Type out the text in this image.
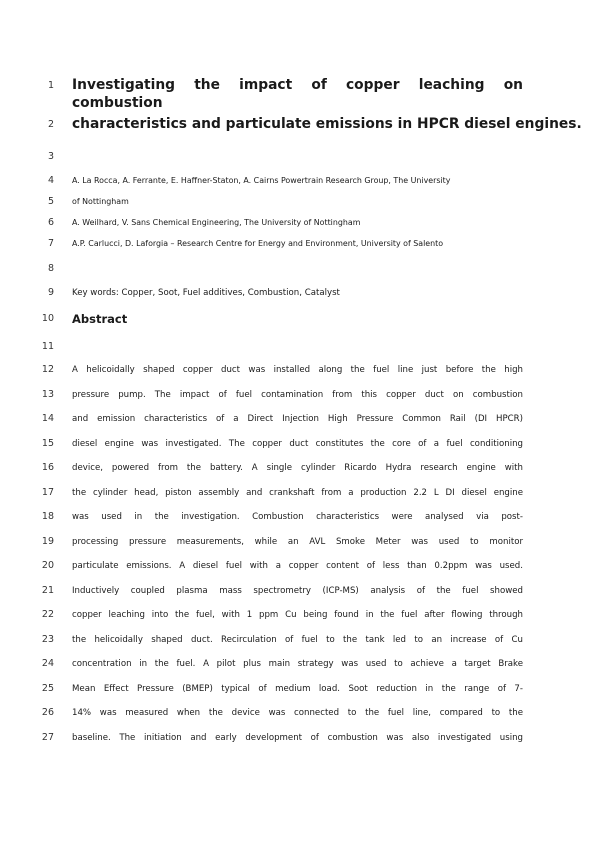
1 Investigating the impact of copper leaching on combustion
2 characteristics and particulate emissions in HPCR diesel engines.
3
4 A. La Rocca, A. Ferrante, E. Haffner-Staton, A. Cairns Powertrain Research Group, The University
5 of Nottingham
6 A. Weilhard, V. Sans Chemical Engineering, The University of Nottingham
7 A.P. Carlucci, D. Laforgia – Research Centre for Energy and Environment, University of Salento
8
9 Key words: Copper, Soot, Fuel additives, Combustion, Catalyst
10 Abstract
11
12 A helicoidally shaped copper duct was installed along the fuel line just before the high
13 pressure pump. The impact of fuel contamination from this copper duct on combustion
14 and emission characteristics of a Direct Injection High Pressure Common Rail (DI HPCR)
15 diesel engine was investigated. The copper duct constitutes the core of a fuel conditioning
16 device, powered from the battery. A single cylinder Ricardo Hydra research engine with
17 the cylinder head, piston assembly and crankshaft from a production 2.2 L DI diesel engine
18 was used in the investigation. Combustion characteristics were analysed via post-
19 processing pressure measurements, while an AVL Smoke Meter was used to monitor
20 particulate emissions. A diesel fuel with a copper content of less than 0.2ppm was used.
21 Inductively coupled plasma mass spectrometry (ICP-MS) analysis of the fuel showed
22 copper leaching into the fuel, with 1 ppm Cu being found in the fuel after flowing through
23 the helicoidally shaped duct. Recirculation of fuel to the tank led to an increase of Cu
24 concentration in the fuel. A pilot plus main strategy was used to achieve a target Brake
25 Mean Effect Pressure (BMEP) typical of medium load. Soot reduction in the range of 7-
26 14% was measured when the device was connected to the fuel line, compared to the
27 baseline. The initiation and early development of combustion was also investigated using
